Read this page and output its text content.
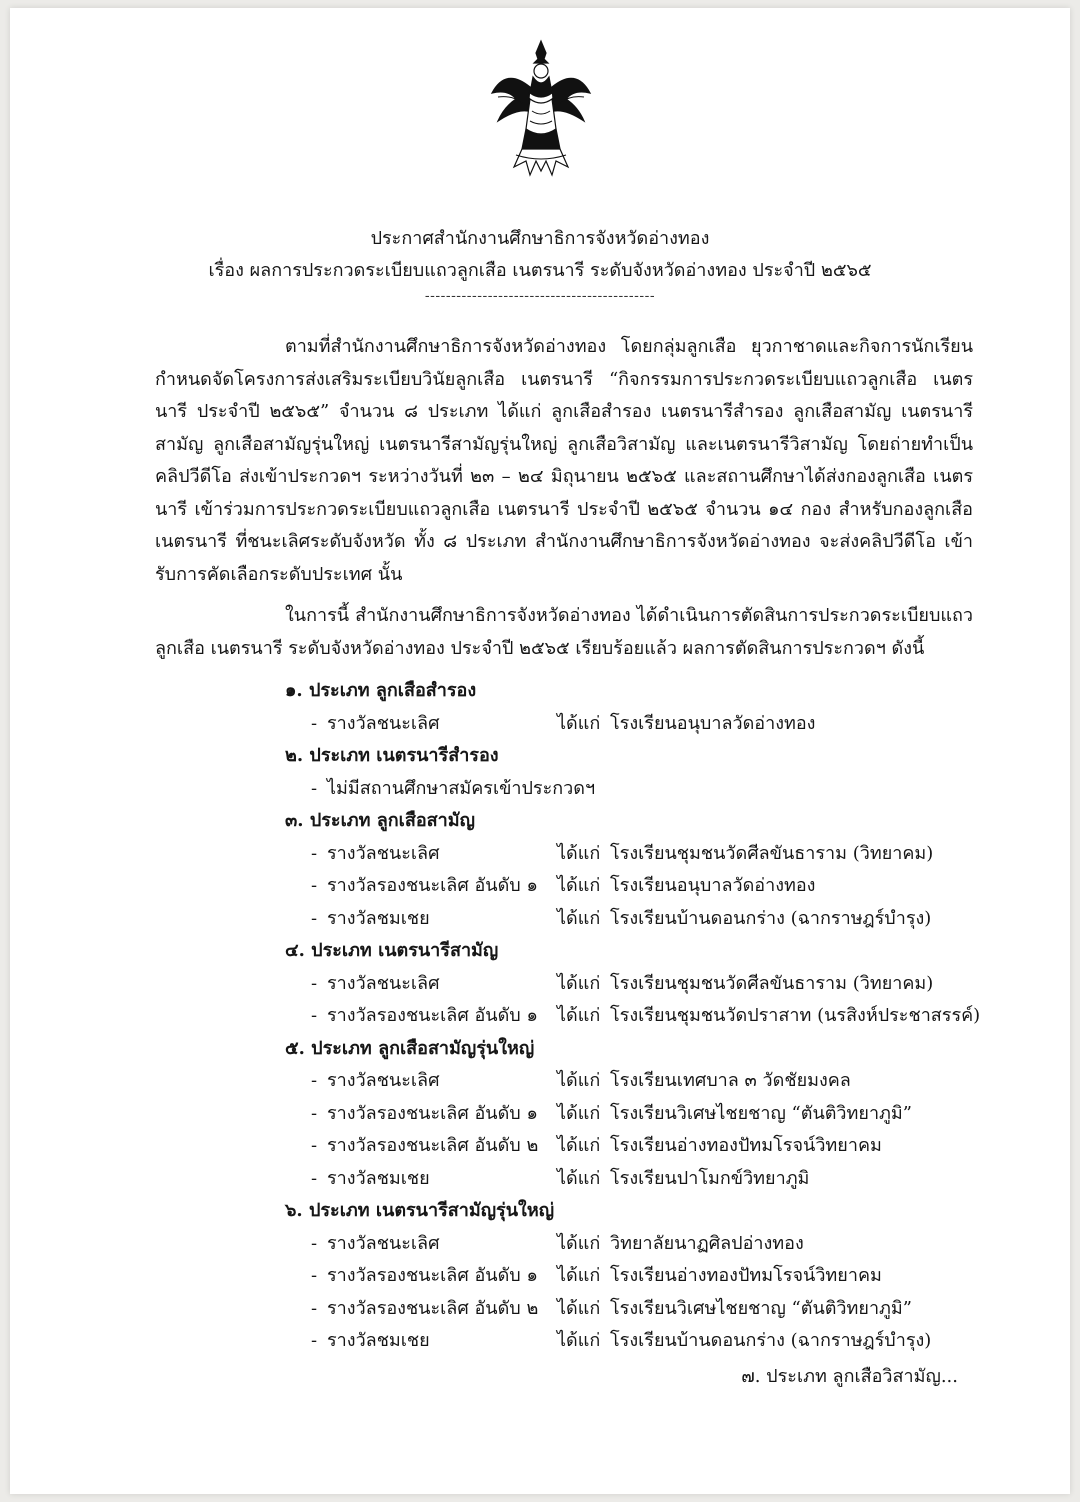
ประกาศสำนักงานศึกษาธิการจังหวัดอ่างทอง
เรื่อง ผลการประกวดระเบียบแถวลูกเสือ เนตรนารี ระดับจังหวัดอ่างทอง ประจำปี ๒๕๖๕
--------------------------------------------

ตามที่สำนักงานศึกษาธิการจังหวัดอ่างทอง โดยกลุ่มลูกเสือ ยุวกาชาดและกิจการนักเรียน กำหนดจัดโครงการส่งเสริมระเบียบวินัยลูกเสือ เนตรนารี “กิจกรรมการประกวดระเบียบแถวลูกเสือ เนตรนารี ประจำปี ๒๕๖๕” จำนวน ๘ ประเภท ได้แก่ ลูกเสือสำรอง เนตรนารีสำรอง ลูกเสือสามัญ เนตรนารีสามัญ ลูกเสือสามัญรุ่นใหญ่ เนตรนารีสามัญรุ่นใหญ่ ลูกเสือวิสามัญ และเนตรนารีวิสามัญ โดยถ่ายทำเป็นคลิปวีดีโอ ส่งเข้าประกวดฯ ระหว่างวันที่ ๒๓ – ๒๔ มิถุนายน ๒๕๖๕ และสถานศึกษาได้ส่งกองลูกเสือ เนตรนารี เข้าร่วมการประกวดระเบียบแถวลูกเสือ เนตรนารี ประจำปี ๒๕๖๕ จำนวน ๑๔ กอง สำหรับกองลูกเสือ เนตรนารี ที่ชนะเลิศระดับจังหวัด ทั้ง ๘ ประเภท สำนักงานศึกษาธิการจังหวัดอ่างทอง จะส่งคลิปวีดีโอ เข้ารับการคัดเลือกระดับประเทศ นั้น

ในการนี้ สำนักงานศึกษาธิการจังหวัดอ่างทอง ได้ดำเนินการตัดสินการประกวดระเบียบแถวลูกเสือ เนตรนารี ระดับจังหวัดอ่างทอง ประจำปี ๒๕๖๕ เรียบร้อยแล้ว ผลการตัดสินการประกวดฯ ดังนี้

๑. ประเภท ลูกเสือสำรอง
- รางวัลชนะเลิศ	ได้แก่ โรงเรียนอนุบาลวัดอ่างทอง
๒. ประเภท เนตรนารีสำรอง
- ไม่มีสถานศึกษาสมัครเข้าประกวดฯ
๓. ประเภท ลูกเสือสามัญ
- รางวัลชนะเลิศ	ได้แก่ โรงเรียนชุมชนวัดศีลขันธาราม (วิทยาคม)
- รางวัลรองชนะเลิศ อันดับ ๑ ได้แก่ โรงเรียนอนุบาลวัดอ่างทอง
- รางวัลชมเชย	ได้แก่ โรงเรียนบ้านดอนกร่าง (ฉากราษฎร์บำรุง)
๔. ประเภท เนตรนารีสามัญ
- รางวัลชนะเลิศ	ได้แก่ โรงเรียนชุมชนวัดศีลขันธาราม (วิทยาคม)
- รางวัลรองชนะเลิศ อันดับ ๑ ได้แก่ โรงเรียนชุมชนวัดปราสาท (นรสิงห์ประชาสรรค์)
๕. ประเภท ลูกเสือสามัญรุ่นใหญ่
- รางวัลชนะเลิศ	ได้แก่ โรงเรียนเทศบาล ๓ วัดชัยมงคล
- รางวัลรองชนะเลิศ อันดับ ๑ ได้แก่ โรงเรียนวิเศษไชยชาญ “ตันติวิทยาภูมิ”
- รางวัลรองชนะเลิศ อันดับ ๒ ได้แก่ โรงเรียนอ่างทองปัทมโรจน์วิทยาคม
- รางวัลชมเชย	ได้แก่ โรงเรียนปาโมกข์วิทยาภูมิ
๖. ประเภท เนตรนารีสามัญรุ่นใหญ่
- รางวัลชนะเลิศ	ได้แก่ วิทยาลัยนาฏศิลปอ่างทอง
- รางวัลรองชนะเลิศ อันดับ ๑ ได้แก่ โรงเรียนอ่างทองปัทมโรจน์วิทยาคม
- รางวัลรองชนะเลิศ อันดับ ๒ ได้แก่ โรงเรียนวิเศษไชยชาญ “ตันติวิทยาภูมิ”
- รางวัลชมเชย	ได้แก่ โรงเรียนบ้านดอนกร่าง (ฉากราษฎร์บำรุง)
๗. ประเภท ลูกเสือวิสามัญ...
